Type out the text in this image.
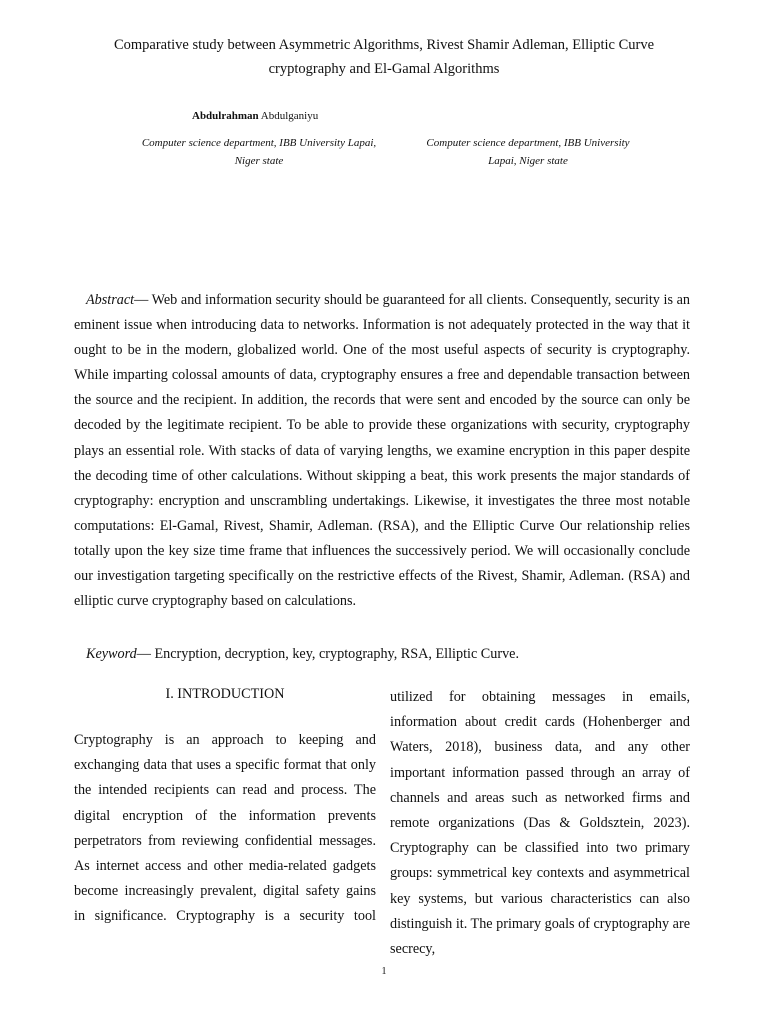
Comparative study between Asymmetric Algorithms, Rivest Shamir Adleman, Elliptic Curve
cryptography and El-Gamal Algorithms
Abdulrahman Abdulganiyu
Computer science department, IBB University Lapai,
Niger state
Computer science department, IBB University
Lapai, Niger state

Abstract— Web and information security should be guaranteed for all clients. Consequently, security is an eminent issue when introducing data to networks. Information is not adequately protected in the way that it ought to be in the modern, globalized world. One of the most useful aspects of security is cryptography. While imparting colossal amounts of data, cryptography ensures a free and dependable transaction between the source and the recipient. In addition, the records that were sent and encoded by the source can only be decoded by the legitimate recipient. To be able to provide these organizations with security, cryptography plays an essential role. With stacks of data of varying lengths, we examine encryption in this paper despite the decoding time of other calculations. Without skipping a beat, this work presents the major standards of cryptography: encryption and unscrambling undertakings. Likewise, it investigates the three most notable computations: El-Gamal, Rivest, Shamir, Adleman. (RSA), and the Elliptic Curve Our relationship relies totally upon the key size time frame that influences the successively period. We will occasionally conclude our investigation targeting specifically on the restrictive effects of the Rivest, Shamir, Adleman. (RSA) and elliptic curve cryptography based on calculations.

Keyword— Encryption, decryption, key, cryptography, RSA, Elliptic Curve.

I. INTRODUCTION

Cryptography is an approach to keeping and exchanging data that uses a specific format that only the intended recipients can read and process. The digital encryption of the information prevents perpetrators from reviewing confidential messages. As internet access and other media-related gadgets become increasingly prevalent, digital safety gains in significance. Cryptography is a security tool

utilized for obtaining messages in emails, information about credit cards (Hohenberger and Waters, 2018), business data, and any other important information passed through an array of channels and areas such as networked firms and remote organizations (Das & Goldsztein, 2023). Cryptography can be classified into two primary groups: symmetrical key contexts and asymmetrical key systems, but various characteristics can also distinguish it. The primary goals of cryptography are secrecy,

1
